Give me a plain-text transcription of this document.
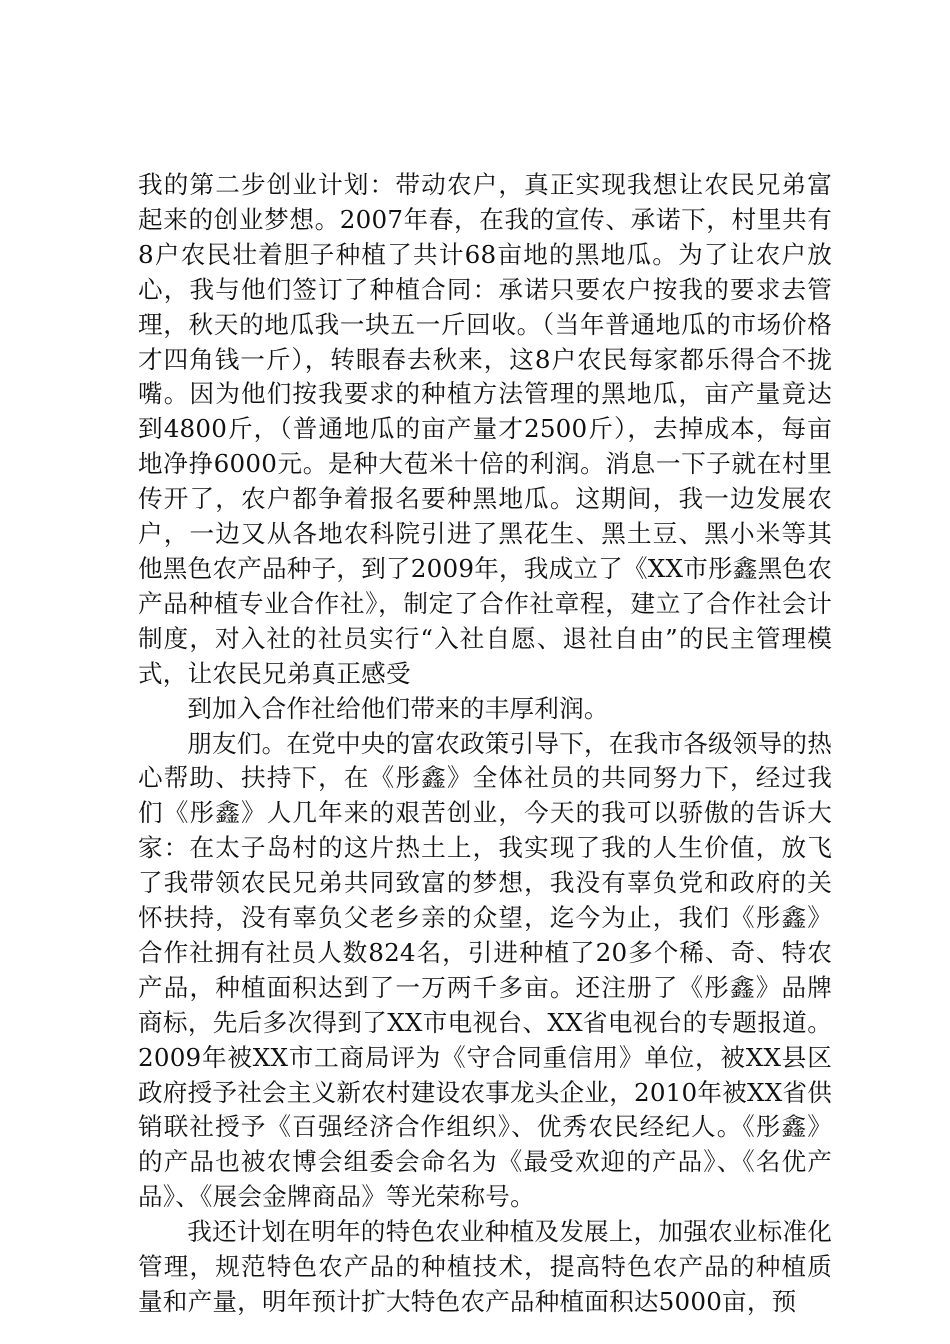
我的第二步创业计划：带动农户，真正实现我想让农民兄弟富起来的创业梦想。2007年春，在我的宣传、承诺下，村里共有8户农民壮着胆子种植了共计68亩地的黑地瓜。为了让农户放心，我与他们签订了种植合同：承诺只要农户按我的要求去管理，秋天的地瓜我一块五一斤回收。（当年普通地瓜的市场价格才四角钱一斤），转眼春去秋来，这8户农民每家都乐得合不拢嘴。因为他们按我要求的种植方法管理的黑地瓜，亩产量竟达到4800斤，（普通地瓜的亩产量才2500斤），去掉成本，每亩地净挣6000元。是种大苞米十倍的利润。消息一下子就在村里传开了，农户都争着报名要种黑地瓜。这期间，我一边发展农户，一边又从各地农科院引进了黑花生、黑土豆、黑小米等其他黑色农产品种子，到了2009年，我成立了《XX市彤鑫黑色农产品种植专业合作社》，制定了合作社章程，建立了合作社会计制度，对入社的社员实行“入社自愿、退社自由”的民主管理模式，让农民兄弟真正感受

到加入合作社给他们带来的丰厚利润。

朋友们。在党中央的富农政策引导下，在我市各级领导的热心帮助、扶持下，在《彤鑫》全体社员的共同努力下，经过我们《彤鑫》人几年来的艰苦创业，今天的我可以骄傲的告诉大家：在太子岛村的这片热土上，我实现了我的人生价值，放飞了我带领农民兄弟共同致富的梦想，我没有辜负党和政府的关怀扶持，没有辜负父老乡亲的众望，迄今为止，我们《彤鑫》合作社拥有社员人数824名，引进种植了20多个稀、奇、特农产品，种植面积达到了一万两千多亩。还注册了《彤鑫》品牌商标，先后多次得到了XX市电视台、XX省电视台的专题报道。2009年被XX市工商局评为《守合同重信用》单位，被XX县区政府授予社会主义新农村建设农事龙头企业，2010年被XX省供销联社授予《百强经济合作组织》、优秀农民经纪人。《彤鑫》的产品也被农博会组委会命名为《最受欢迎的产品》、《名优产品》、《展会金牌商品》等光荣称号。

我还计划在明年的特色农业种植及发展上，加强农业标准化管理，规范特色农产品的种植技术，提高特色农产品的种植质量和产量，明年预计扩大特色农产品种植面积达5000亩，预
